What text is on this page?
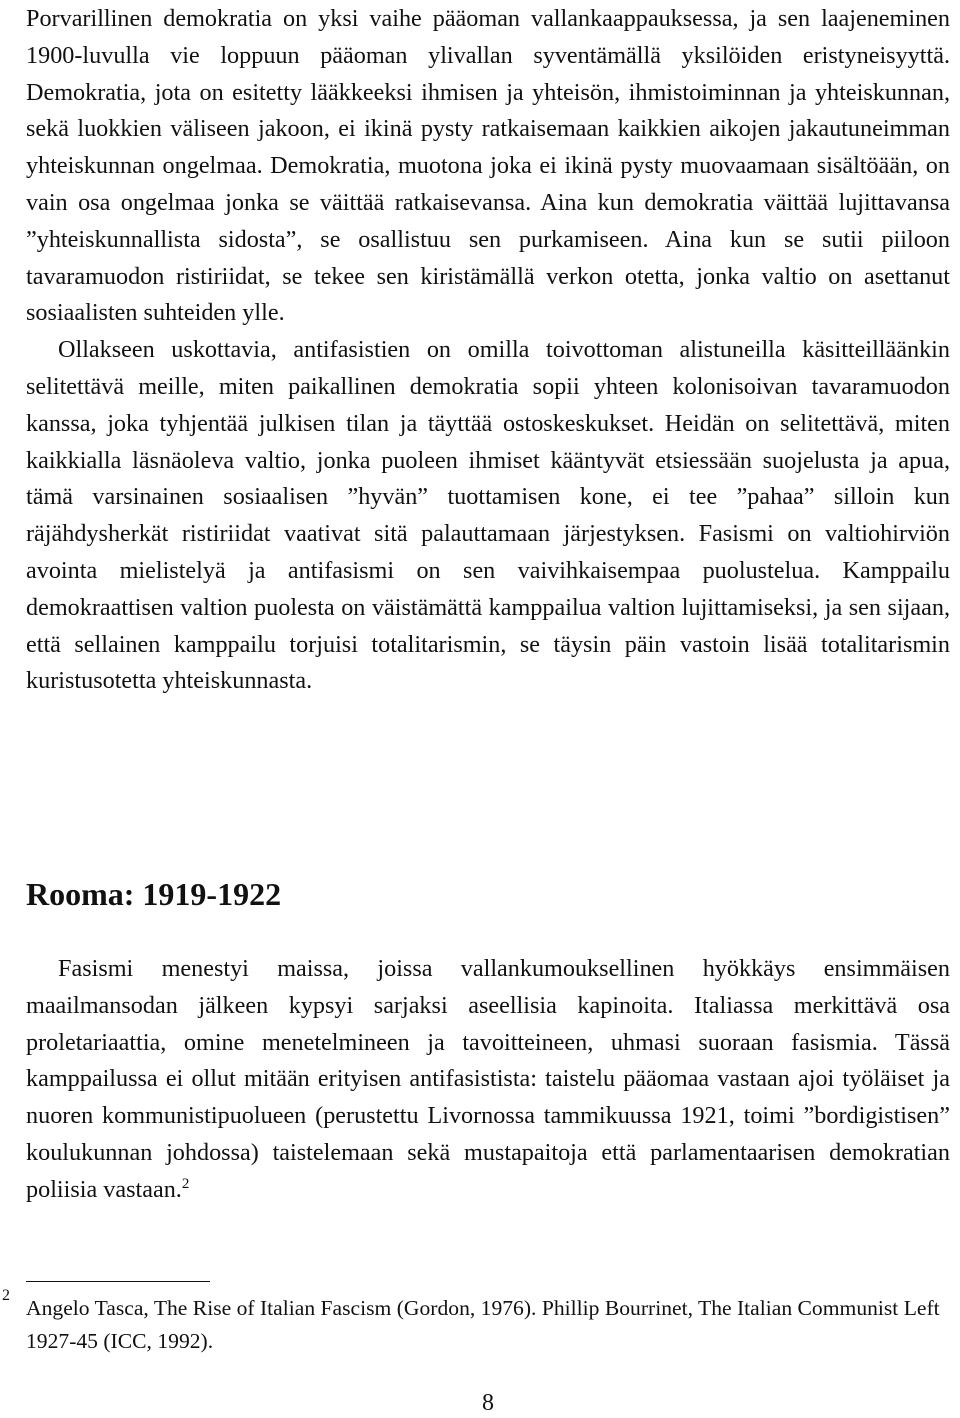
Porvarillinen demokratia on yksi vaihe pääoman vallankaappauksessa, ja sen laajeneminen 1900-luvulla vie loppuun pääoman ylivallan syventämällä yksilöiden eristyneisyyttä. Demokratia, jota on esitetty lääkkeeksi ihmisen ja yhteisön, ihmistoiminnan ja yhteiskunnan, sekä luokkien väliseen jakoon, ei ikinä pysty ratkaisemaan kaikkien aikojen jakautuneimman yhteiskunnan ongelmaa. Demokratia, muotona joka ei ikinä pysty muovaamaan sisältöään, on vain osa ongelmaa jonka se väittää ratkaisevansa. Aina kun demokratia väittää lujittavansa ”yhteiskunnallista sidosta”, se osallistuu sen purkamiseen. Aina kun se sutii piiloon tavaramuodon ristiriidat, se tekee sen kiristämällä verkon otetta, jonka valtio on asettanut sosiaalisten suhteiden ylle.

Ollakseen uskottavia, antifasistien on omilla toivottoman alistuneilla käsitteilläänkin selitettävä meille, miten paikallinen demokratia sopii yhteen kolonisoivan tavaramuodon kanssa, joka tyhjentää julkisen tilan ja täyttää ostoskeskukset. Heidän on selitettävä, miten kaikkialla läsnäoleva valtio, jonka puoleen ihmiset kääntyvät etsiessään suojelusta ja apua, tämä varsinainen sosiaalisen ”hyvän” tuottamisen kone, ei tee ”pahaa” silloin kun räjähdysherkät ristiriidat vaativat sitä palauttamaan järjestyksen. Fasismi on valtiohirviön avointa mielistelyä ja antifasismi on sen vaivihkaisempaa puolustelua. Kamppailu demokraattisen valtion puolesta on väistämättä kamppailua valtion lujittamiseksi, ja sen sijaan, että sellainen kamppailu torjuisi totalitarismin, se täysin päin vastoin lisää totalitarismin kuristusotetta yhteiskunnasta.

Rooma: 1919-1922

Fasismi menestyi maissa, joissa vallankumouksellinen hyökkäys ensimmäisen maailmansodan jälkeen kypsyi sarjaksi aseellisia kapinoita. Italiassa merkittävä osa proletariaattia, omine menetelmineen ja tavoitteineen, uhmasi suoraan fasismia. Tässä kamppailussa ei ollut mitään erityisen antifasistista: taistelu pääomaa vastaan ajoi työläiset ja nuoren kommunistipuolueen (perustettu Livornossa tammikuussa 1921, toimi ”bordigistisen” koulukunnan johdossa) taistelemaan sekä mustapaitoja että parlamentaarisen demokratian poliisia vastaan.$^2$

2

Angelo Tasca, The Rise of Italian Fascism (Gordon, 1976). Phillip Bourrinet, The Italian Communist Left 1927-45 (ICC, 1992).

8
